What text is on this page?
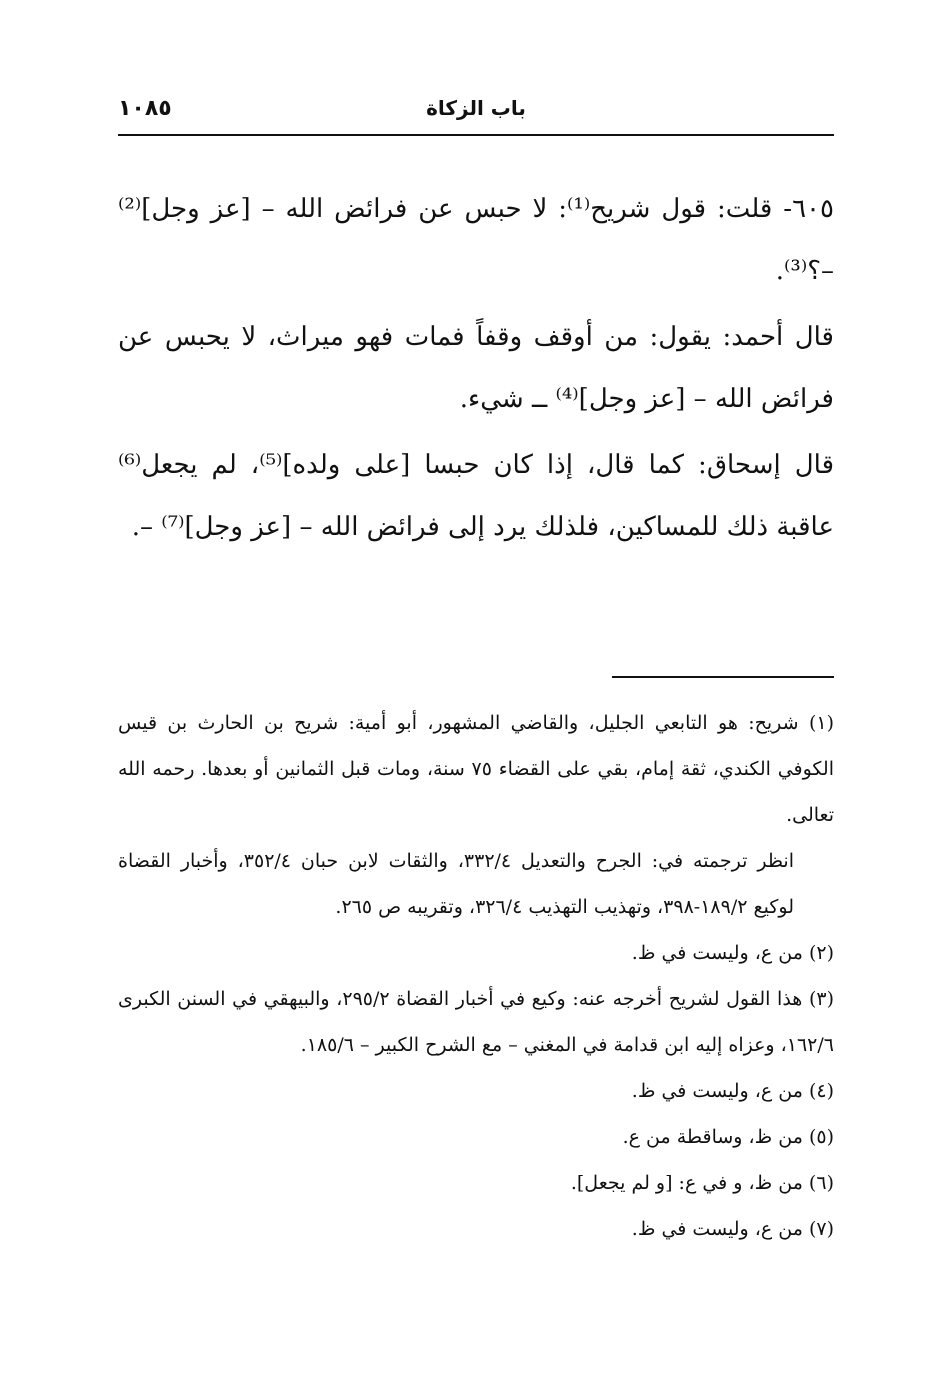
١٠٨٥	باب الزكاة

٦٠٥- قلت: قول شريح⁽¹⁾: لا حبس عن فرائض الله – [عز وجل]⁽²⁾ –؟⁽³⁾.

قال أحمد: يقول: من أوقف وقفاً فمات فهو ميراث، لا يحبس عن فرائض الله – [عز وجل]⁽⁴⁾ ــ شيء.

قال إسحاق: كما قال، إذا كان حبسا [على ولده]⁽⁵⁾، لم يجعل⁽⁶⁾ عاقبة ذلك للمساكين، فلذلك يرد إلى فرائض الله – [عز وجل]⁽⁷⁾ –.

(١) شريح: هو التابعي الجليل، والقاضي المشهور، أبو أمية: شريح بن الحارث بن قيس الكوفي الكندي، ثقة إمام، بقي على القضاء ٧٥ سنة، ومات قبل الثمانين أو بعدها. رحمه الله تعالى.

انظر ترجمته في: الجرح والتعديل ٣٣٢/٤، والثقات لابن حبان ٣٥٢/٤، وأخبار القضاة لوكيع ١٨٩/٢-٣٩٨، وتهذيب التهذيب ٣٢٦/٤، وتقريبه ص ٢٦٥.

(٢) من ع، وليست في ظ.

(٣) هذا القول لشريح أخرجه عنه: وكيع في أخبار القضاة ٢٩٥/٢، والبيهقي في السنن الكبرى ١٦٢/٦، وعزاه إليه ابن قدامة في المغني – مع الشرح الكبير – ١٨٥/٦.

(٤) من ع، وليست في ظ.

(٥) من ظ، وساقطة من ع.

(٦) من ظ، و في ع: [و لم يجعل].

(٧) من ع، وليست في ظ.
